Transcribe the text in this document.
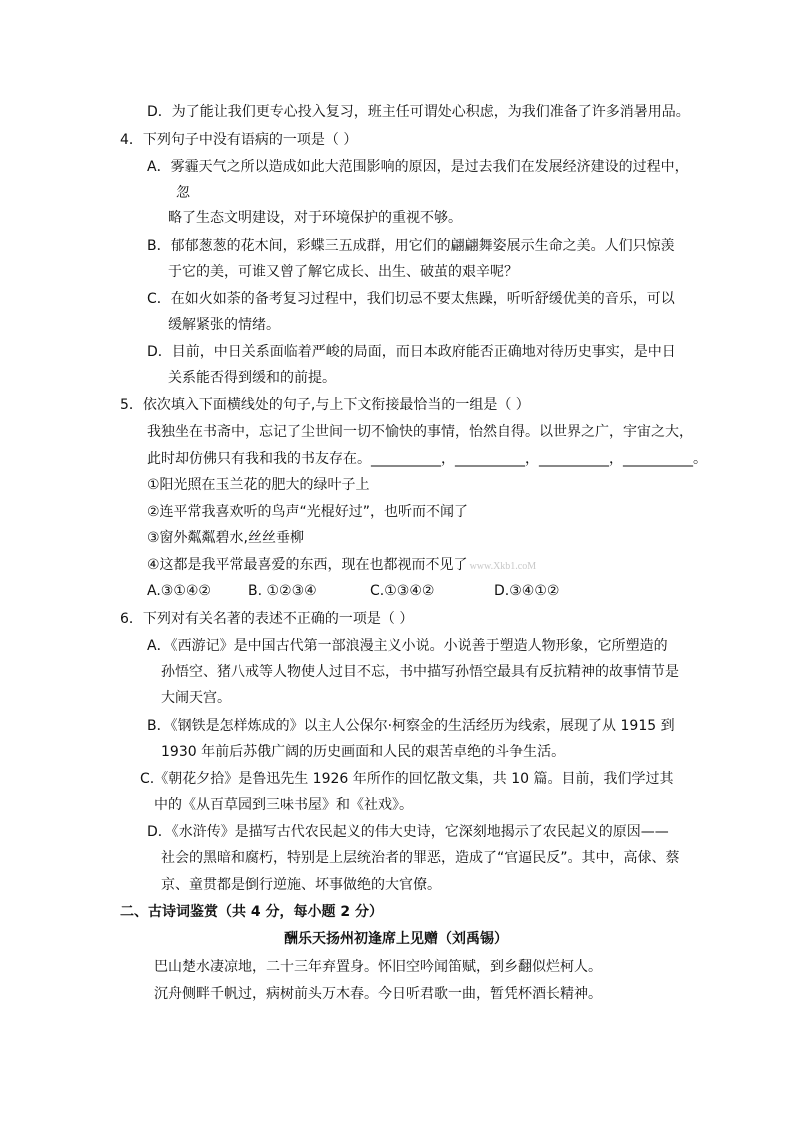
D．为了能让我们更专心投入复习，班主任可谓处心积虑，为我们准备了许多消暑用品。
4．下列句子中没有语病的一项是（ ）
A．雾霾天气之所以造成如此大范围影响的原因，是过去我们在发展经济建设的过程中，
忽
略了生态文明建设，对于环境保护的重视不够。
B．郁郁葱葱的花木间，彩蝶三五成群，用它们的翩翩舞姿展示生命之美。人们只惊羡
于它的美，可谁又曾了解它成长、出生、破茧的艰辛呢？
C．在如火如荼的备考复习过程中，我们切忌不要太焦躁，听听舒缓优美的音乐，可以
缓解紧张的情绪。
D．目前，中日关系面临着严峻的局面，而日本政府能否正确地对待历史事实，是中日
关系能否得到缓和的前提。
5．依次填入下面横线处的句子,与上下文衔接最恰当的一组是（ ）
我独坐在书斋中，忘记了尘世间一切不愉快的事情，怡然自得。以世界之广，宇宙之大，
此时却仿佛只有我和我的书友存在。__________，__________，__________，__________。
①阳光照在玉兰花的肥大的绿叶子上
②连平常我喜欢听的鸟声“光棍好过”，也听而不闻了
③窗外粼粼碧水,丝丝垂柳
④这都是我平常最喜爱的东西，现在也都视而不见了 www.Xkb1.coM
A.③①④②	B. ①②③④	C.①③④②	D.③④①②
6．下列对有关名著的表述不正确的一项是（ ）
A．《西游记》是中国古代第一部浪漫主义小说。小说善于塑造人物形象，它所塑造的
孙悟空、猪八戒等人物使人过目不忘，书中描写孙悟空最具有反抗精神的故事情节是
大闹天宫。
B．《钢铁是怎样炼成的》以主人公保尔·柯察金的生活经历为线索，展现了从 1915 到
1930 年前后苏俄广阔的历史画面和人民的艰苦卓绝的斗争生活。
C.《朝花夕拾》是鲁迅先生 1926 年所作的回忆散文集，共 10 篇。目前，我们学过其
中的《从百草园到三味书屋》和《社戏》。
D．《水浒传》是描写古代农民起义的伟大史诗，它深刻地揭示了农民起义的原因——
社会的黑暗和腐朽，特别是上层统治者的罪恶，造成了“官逼民反”。其中，高俅、蔡
京、童贯都是倒行逆施、坏事做绝的大官僚。
二、古诗词鉴赏（共 4 分，每小题 2 分）
酬乐天扬州初逢席上见赠（刘禹锡）
巴山楚水凄凉地，二十三年弃置身。怀旧空吟闻笛赋，到乡翻似烂柯人。
沉舟侧畔千帆过，病树前头万木春。今日听君歌一曲，暂凭杯酒长精神。
